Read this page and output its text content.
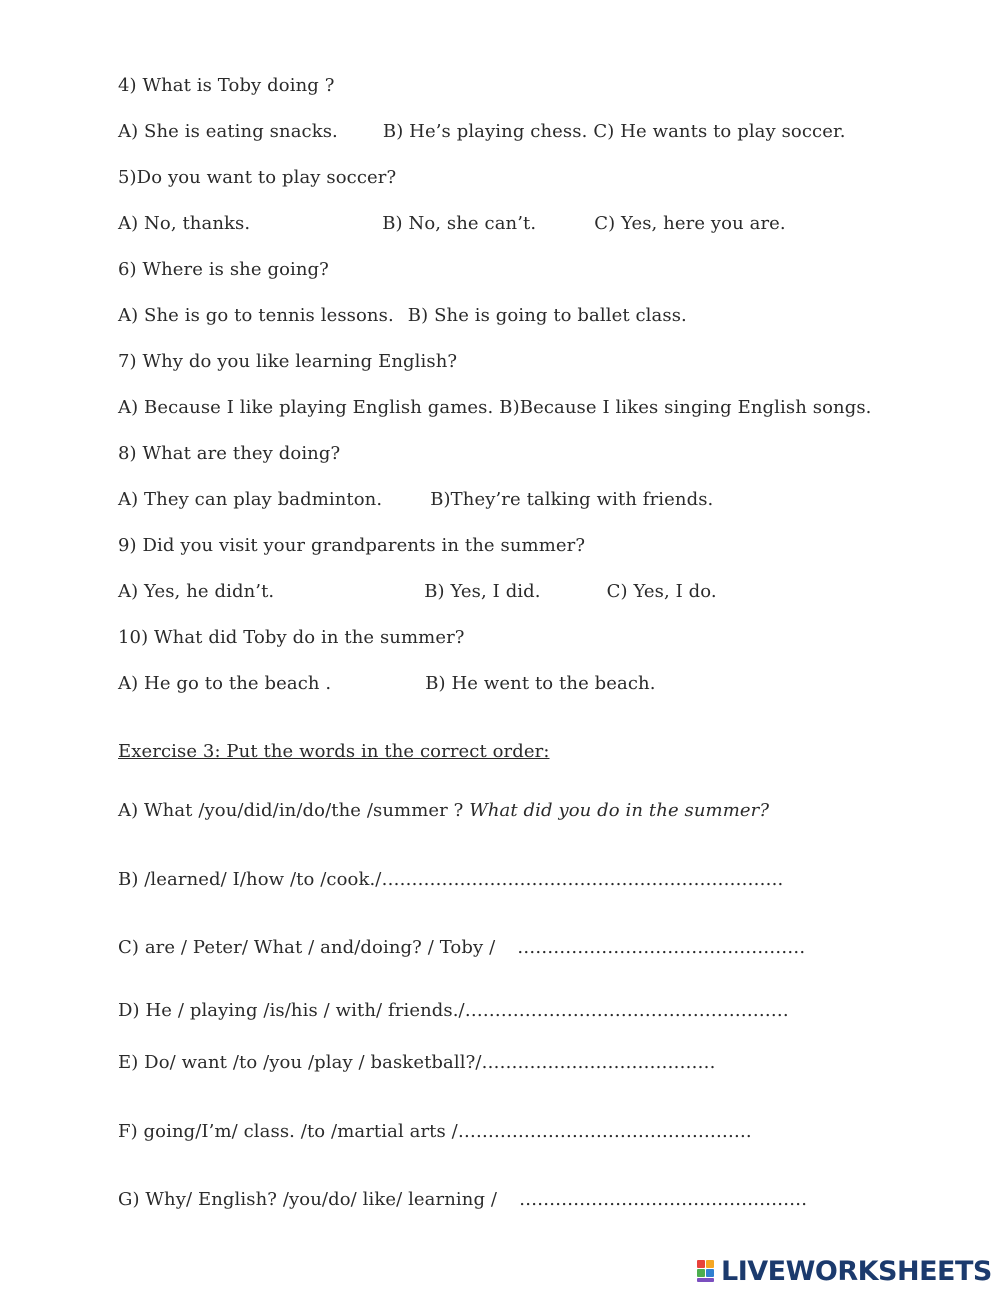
4) What is Toby doing ?
A) She is eating snacks.	B) He’s playing chess. C) He wants to play soccer.
5)Do you want to play soccer?
A) No, thanks.	B) No, she can’t.	C) Yes, here you are.
6) Where is she going?
A) She is go to tennis lessons. B) She is going to ballet class.
7) Why do you like learning English?
A) Because I like playing English games. B)Because I likes singing English songs.
8) What are they doing?
A) They can play badminton.	B)They’re talking with friends.
9) Did you visit your grandparents in the summer?
A) Yes, he didn’t.	B) Yes, I did.	C) Yes, I do.
10) What did Toby do in the summer?
A) He go to the beach .	B) He went to the beach.
Exercise 3: Put the words in the correct order:
A) What /you/did/in/do/the /summer ? What did you do in the summer?
B) /learned/ I/how /to /cook./………………………………………………………….
C) are / Peter/ What / and/doing? / Toby / …………………………………………
D) He / playing /is/his / with/ friends./………………………………………………
E) Do/ want /to /you /play / basketball?/…………………………………
F) going/I’m/ class. /to /martial arts /………………………………………….
G) Why/ English? /you/do/ like/ learning / …………………………………………
LIVEWORKSHEETS
